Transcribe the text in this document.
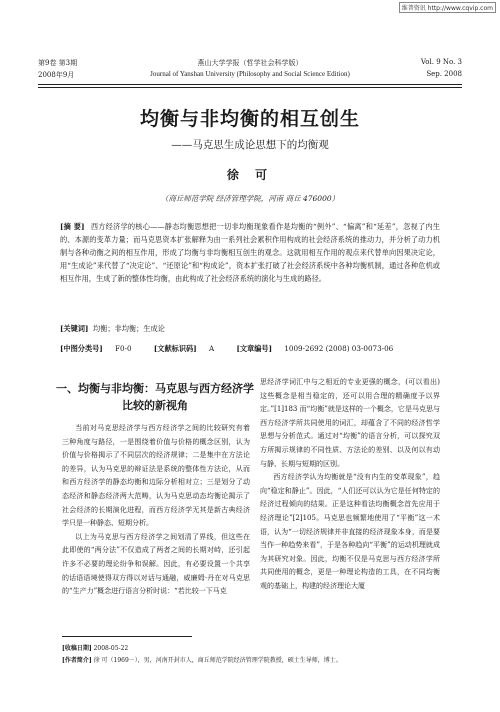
维普资讯 http://www.cqvip.com
第9卷 第3期
2008年9月
燕山大学学报（哲学社会科学版）
Journal of Yanshan University (Philosophy and Social Science Edition)
Vol. 9 No. 3
Sep. 2008
均衡与非均衡的相互创生
——马克思生成论思想下的均衡观
徐 可
（商丘师范学院 经济管理学院，河南 商丘 476000）
[摘 要] 西方经济学的核心——静态均衡思想把一切非均衡现象看作是均衡的“例外”、“偏离”和“延差”，忽视了内生的、本源的变革力量；而马克思资本扩张解释为由一系列社会累积作用构成的社会经济系统的推动力，并分析了动力机制与各种动衡之间的相互作用，形成了均衡与非均衡相互创生的观念。这就用相互作用的观点来代替单向因果决定论，用“生成论”来代替了“决定论”、“还原论”和“构成论”，资本扩张打破了社会经济系统中各种均衡机制，通过各种危机或相互作用，生成了新的整体性均衡，由此构成了社会经济系统的演化与生成的路径。
[关键词] 均衡；非均衡；生成论
[中图分类号] F0-0	[文献标识码] A	[文章编号] 1009-2692 (2008) 03-0073-06
一、均衡与非均衡：马克思与西方经济学比较的新视角

当前对马克思经济学与西方经济学之间的比较研究有着三种角度与路径，一是围绕着价值与价格的概念区别，认为价值与价格揭示了不同层次的经济规律；二是集中在方法论的差异，认为马克思的辩证法是系统的整体性方法论，从而和西方经济学的静态均衡和边际分析相对立；三是划分了动态经济和静态经济两大范畴，认为马克思动态均衡论揭示了社会经济的长期演化进程，而西方经济学无其是新古典经济学只是一种静态、短期分析。

以上为马克思与西方经济学之间划清了界线，但这些在此即使的“两分法”不仅造成了两者之间的长期对峙，还引起许多不必要的理论纷争和误解。因此，有必要设置一个共享的话语语境使得双方得以对话与通融，威廉姆·丹在对马克思的“生产力”概念进行语言分析时说：“若比较一下马克

思经济学词汇中与之相近的专业更强的概念，(可以看出)这些概念是相当稳定的，还可以用合理的精确度予以界定。”[1]183 而“均衡”就是这样的一个概念，它是马克思与西方经济学所共同使用的词汇，却蕴含了不同的经济哲学思想与分析范式。通过对“均衡”的语言分析，可以探究双方所揭示规律的不同性质、方法论的差别、以及何以有动与静、长期与短期的区别。

西方经济学认为均衡就是“没有内生的变革现象”，趋向“稳定和静止”。因此，“人们还可以认为它是任何特定的经济过程倾向的结果。正是这种看法均衡概念首先应用于经济理论”[2]105。马克思也频繁地使用了“平衡”这一术语，认为“一切经济规律并非直接的经济现象本身，而是要当作一种趋势来看”，于是各种趋向“平衡”的运动机理就成为其研究对象。因此，均衡不仅是马克思与西方经济学所共同使用的概念，更是一种理论构造的工具，在不同均衡观的基础上，构建的经济理论大厦

[收稿日期] 2008-05-22
[作者简介] 徐 可（1969－），男，河南开封市人，商丘师范学院经济管理学院教授，硕士生导师，博士。
